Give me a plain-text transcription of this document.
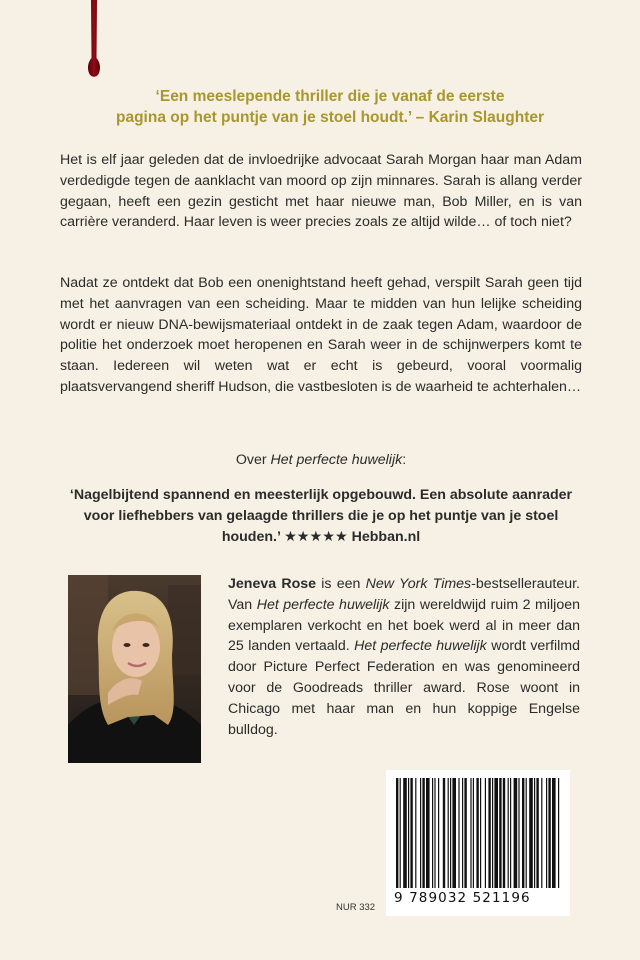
‘Een meeslepende thriller die je vanaf de eerste
pagina op het puntje van je stoel houdt.’ – Karin Slaughter

Het is elf jaar geleden dat de invloedrijke advocaat Sarah Morgan haar man Adam verdedigde tegen de aanklacht van moord op zijn minnares. Sarah is allang verder gegaan, heeft een gezin gesticht met haar nieuwe man, Bob Miller, en is van carrière veranderd. Haar leven is weer precies zoals ze altijd wilde… of toch niet?

Nadat ze ontdekt dat Bob een onenightstand heeft gehad, verspilt Sarah geen tijd met het aanvragen van een scheiding. Maar te midden van hun lelijke scheiding wordt er nieuw DNA-bewijsmateriaal ontdekt in de zaak tegen Adam, waardoor de politie het onderzoek moet heropenen en Sarah weer in de schijnwerpers komt te staan. Iedereen wil weten wat er echt is gebeurd, vooral voormalig plaatsvervangend sheriff Hudson, die vastbesloten is de waarheid te achterhalen…

Over Het perfecte huwelijk:
‘Nagelbijtend spannend en meesterlijk opgebouwd. Een absolute aanrader voor liefhebbers van gelaagde thrillers die je op het puntje van je stoel houden.’ ★★★★★ Hebban.nl

Jeneva Rose is een New York Times-bestsellerauteur. Van Het perfecte huwelijk zijn wereldwijd ruim 2 miljoen exemplaren verkocht en het boek werd al in meer dan 25 landen vertaald. Het perfecte huwelijk wordt verfilmd door Picture Perfect Federation en was genomineerd voor de Goodreads thriller award. Rose woont in Chicago met haar man en hun koppige Engelse bulldog.

NUR 332
9 789032 521196
